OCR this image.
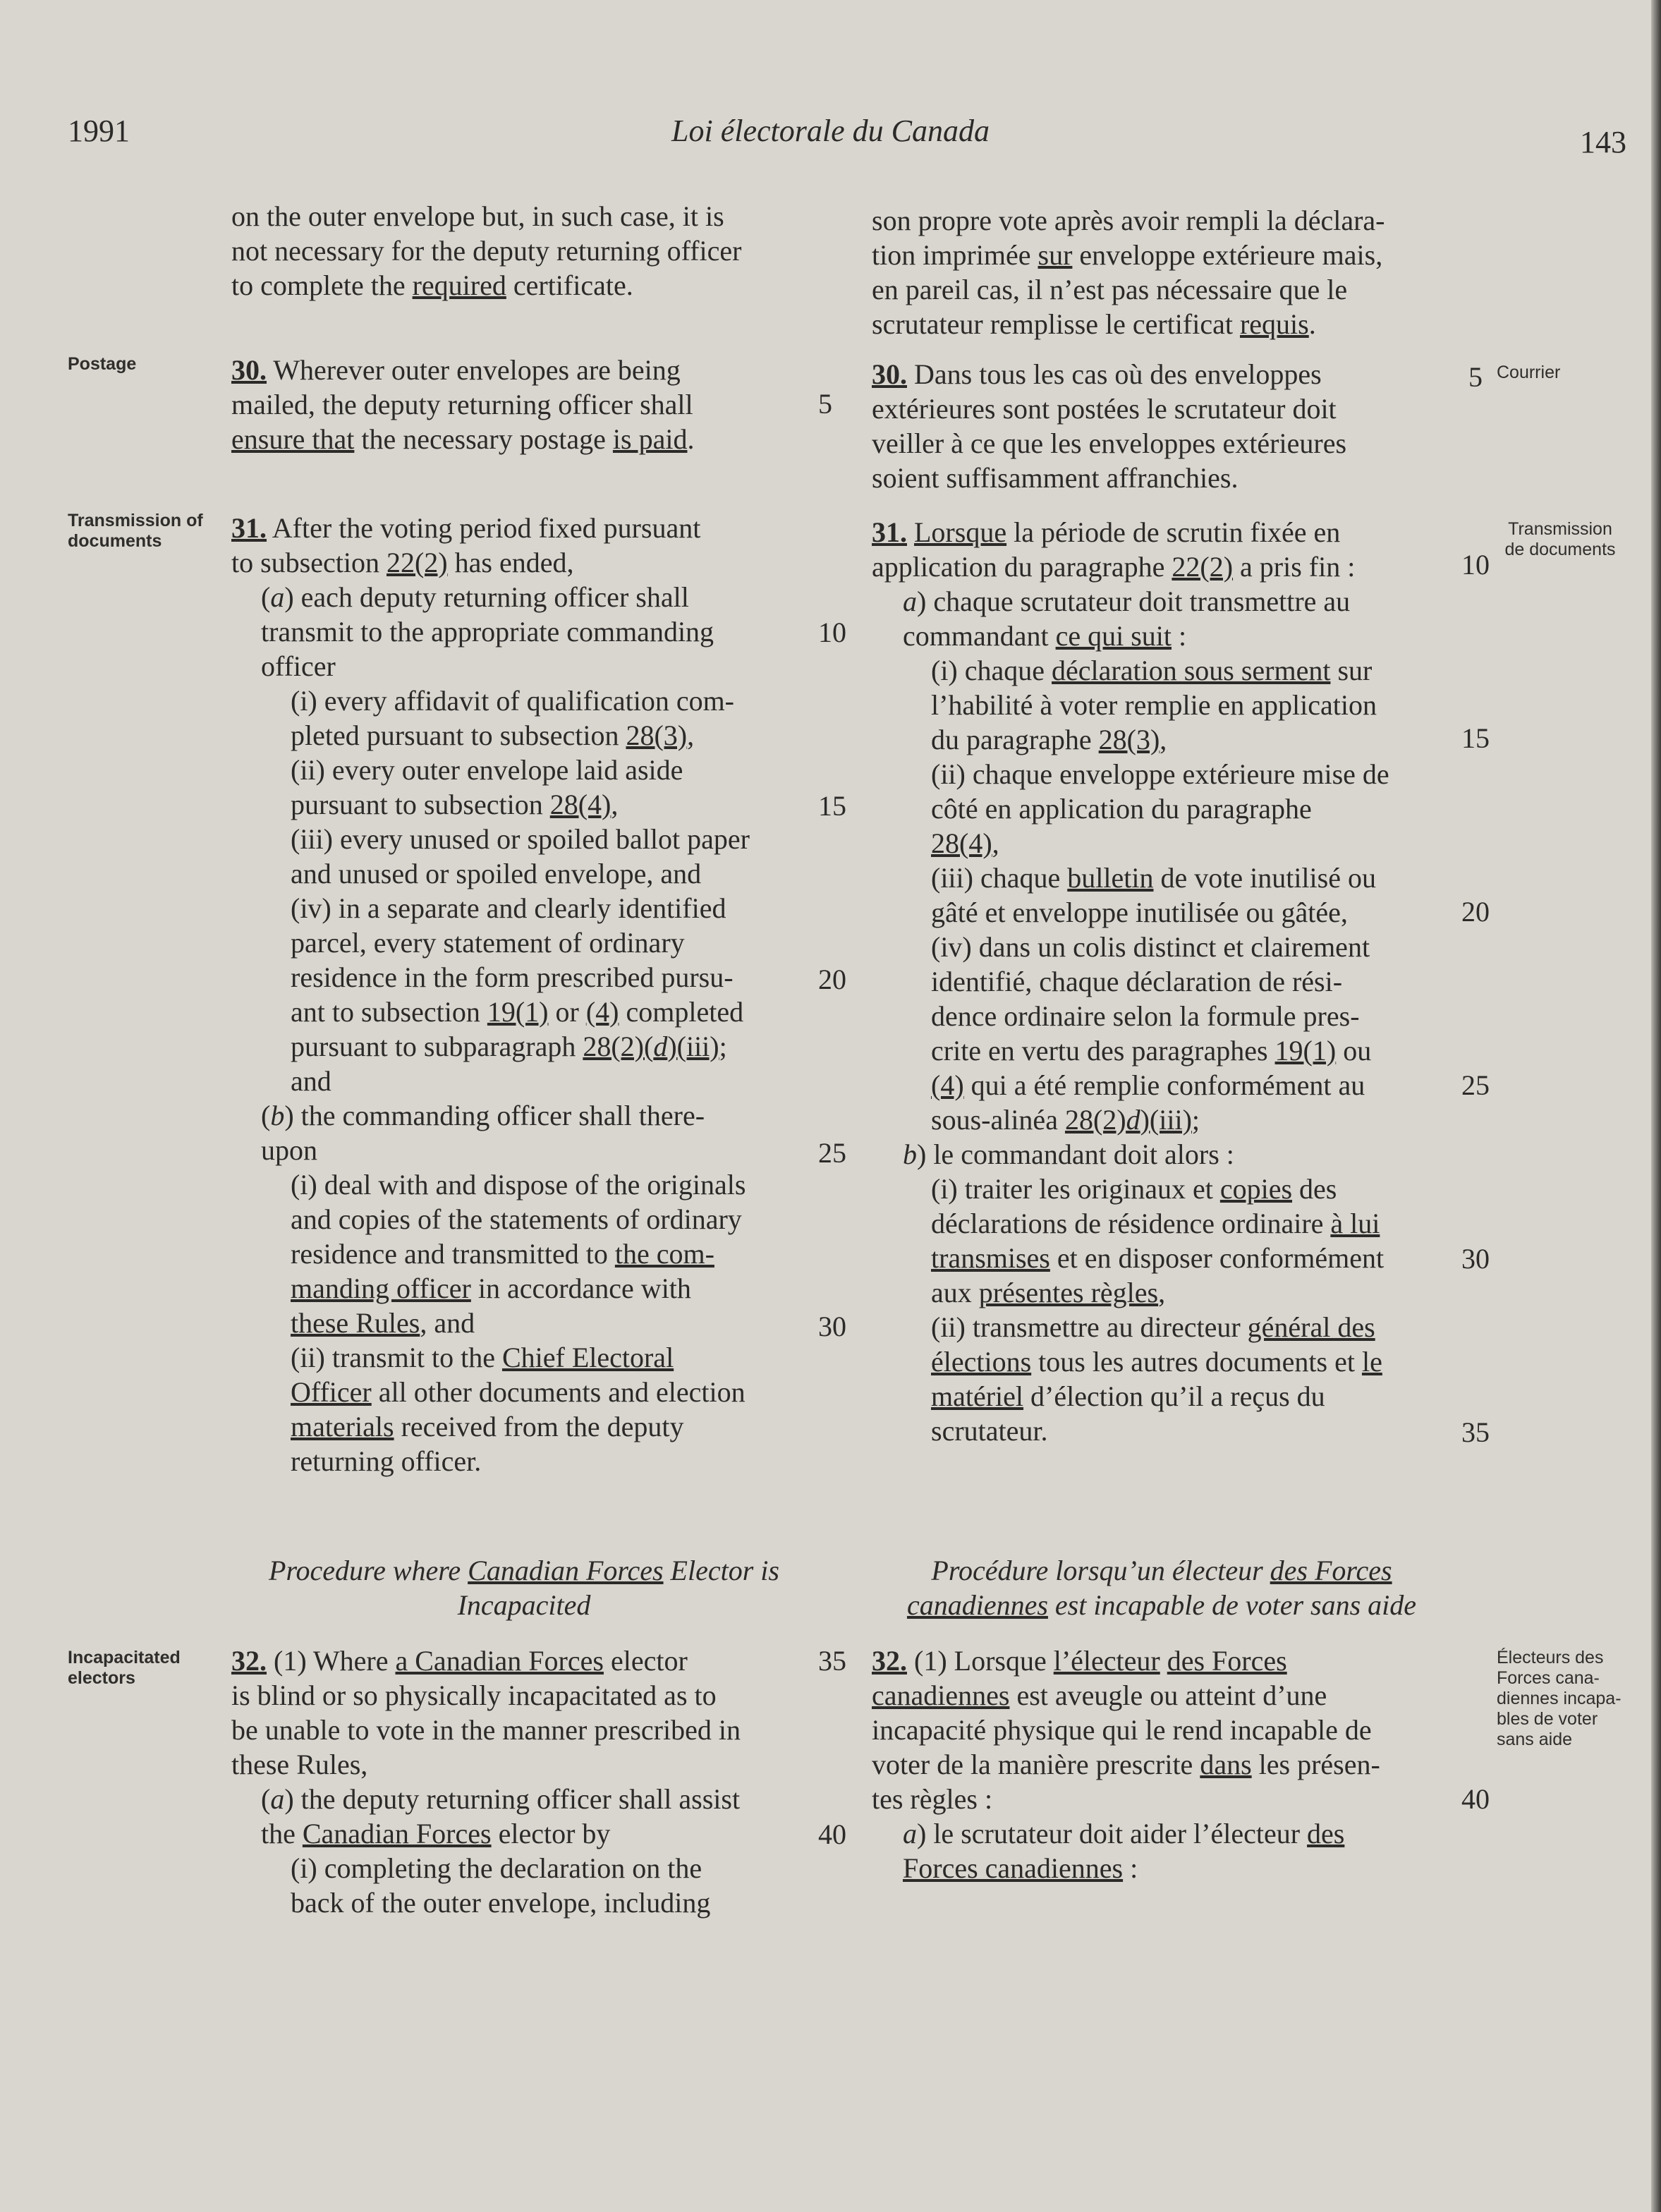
1991	Loi électorale du Canada	143
Postage
Transmission of documents
Incapacitated electors
Courrier
Transmission de documents
Électeurs des Forces cana-diennes incapa-bles de voter sans aide

on the outer envelope but, in such case, it is

not necessary for the deputy returning officer

to complete the required certificate.

30. Wherever outer envelopes are being

mailed, the deputy returning officer shall

ensure that the necessary postage is paid.

31. After the voting period fixed pursuant

to subsection 22(2) has ended,

(a) each deputy returning officer shall

transmit to the appropriate commanding

officer

(i) every affidavit of qualification com-

pleted pursuant to subsection 28(3),

(ii) every outer envelope laid aside

pursuant to subsection 28(4),

(iii) every unused or spoiled ballot paper

and unused or spoiled envelope, and

(iv) in a separate and clearly identified

parcel, every statement of ordinary

residence in the form prescribed pursu-

ant to subsection 19(1) or (4) completed

pursuant to subparagraph 28(2)(d)(iii);

and

(b) the commanding officer shall there-

upon

(i) deal with and dispose of the originals

and copies of the statements of ordinary

residence and transmitted to the com-

manding officer in accordance with

these Rules, and

(ii) transmit to the Chief Electoral

Officer all other documents and election

materials received from the deputy

returning officer.

Procedure where Canadian Forces Elector is
Incapacited

32. (1) Where a Canadian Forces elector

is blind or so physically incapacitated as to

be unable to vote in the manner prescribed in

these Rules,

(a) the deputy returning officer shall assist

the Canadian Forces elector by

(i) completing the declaration on the

back of the outer envelope, including

son propre vote après avoir rempli la déclara-

tion imprimée sur enveloppe extérieure mais,

en pareil cas, il n’est pas nécessaire que le

scrutateur remplisse le certificat requis.

30. Dans tous les cas où des enveloppes

extérieures sont postées le scrutateur doit

veiller à ce que les enveloppes extérieures

soient suffisamment affranchies.

31. Lorsque la période de scrutin fixée en

application du paragraphe 22(2) a pris fin :

a) chaque scrutateur doit transmettre au

commandant ce qui suit :

(i) chaque déclaration sous serment sur

l’habilité à voter remplie en application

du paragraphe 28(3),

(ii) chaque enveloppe extérieure mise de

côté en application du paragraphe

28(4),

(iii) chaque bulletin de vote inutilisé ou

gâté et enveloppe inutilisée ou gâtée,

(iv) dans un colis distinct et clairement

identifié, chaque déclaration de rési-

dence ordinaire selon la formule pres-

crite en vertu des paragraphes 19(1) ou

(4) qui a été remplie conformément au

sous-alinéa 28(2)d)(iii);

b) le commandant doit alors :

(i) traiter les originaux et copies des

déclarations de résidence ordinaire à lui

transmises et en disposer conformément

aux présentes règles,

(ii) transmettre au directeur général des

élections tous les autres documents et le

matériel d’élection qu’il a reçus du

scrutateur.

Procédure lorsqu’un électeur des Forces
canadiennes est incapable de voter sans aide

32. (1) Lorsque l’électeur des Forces

canadiennes est aveugle ou atteint d’une

incapacité physique qui le rend incapable de

voter de la manière prescrite dans les présen-

tes règles :

a) le scrutateur doit aider l’électeur des

Forces canadiennes :

5
10
15
20
25
30
35
40
5
10
15
20
25
30
35
40
